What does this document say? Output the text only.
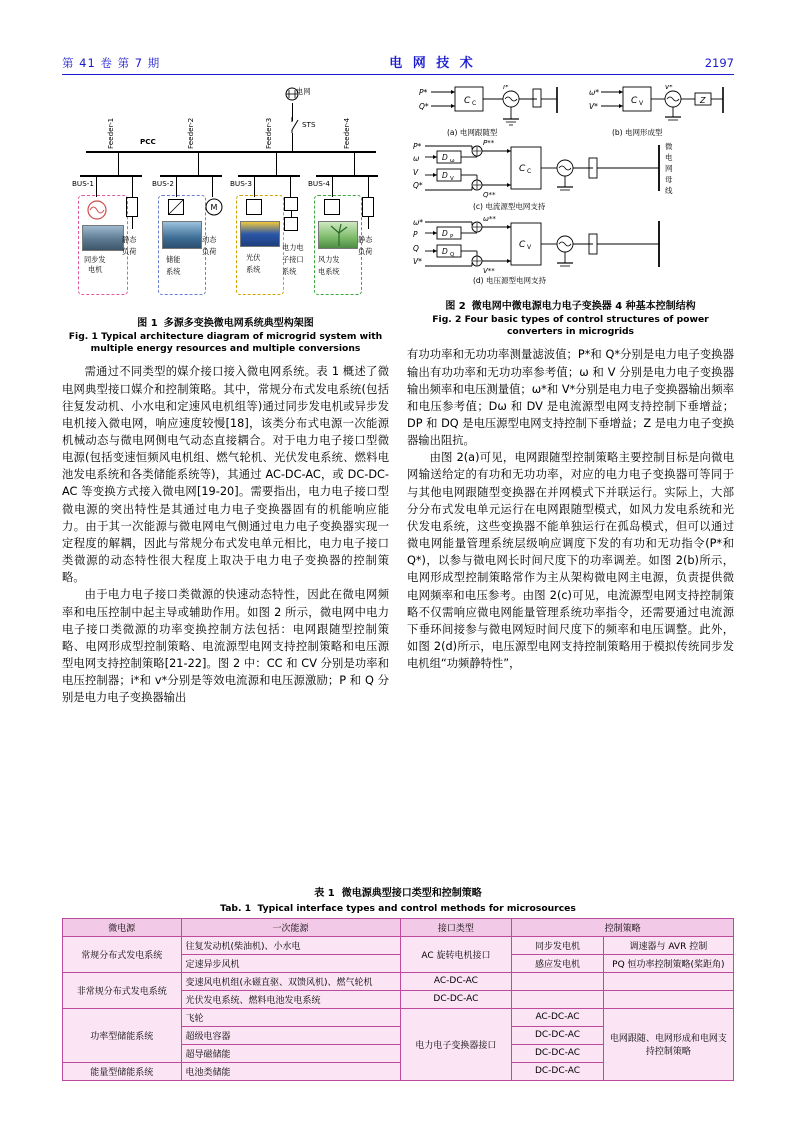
第 41 卷 第 7 期	电 网 技 术	2197
电网
STS
PCC
Feeder-1	Feeder-2	Feeder-3	Feeder-4
BUS-1	BUS-2	BUS-3	BUS-4
同步发
电机
静态
负荷
储能
系统
M
动态
负荷
光伏
系统
电力电
子接口
系统
风力发
电系统
静态
负荷
图 1 多源多变换微电网系统典型构架图
Fig. 1 Typical architecture diagram of microgrid system with multiple energy resources and multiple conversions

需通过不同类型的媒介接口接入微电网系统。表 1 概述了微电网典型接口媒介和控制策略。其中，常规分布式发电系统(包括往复发动机、小水电和定速风电机组等)通过同步发电机或异步发电机接入微电网，响应速度较慢[18]，该类分布式电源一次能源机械动态与微电网侧电气动态直接耦合。对于电力电子接口型微电源(包括变速恒频风电机组、燃气轮机、光伏发电系统、燃料电池发电系统和各类储能系统等)，其通过 AC-DC-AC，或 DC-DC-AC 等变换方式接入微电网[19-20]。需要指出，电力电子接口型微电源的突出特性是其通过电力电子变换器固有的机能响应能力。由于其一次能源与微电网电气侧通过电力电子变换器实现一定程度的解耦，因此与常规分布式发电单元相比，电力电子接口类微源的动态特性很大程度上取决于电力电子变换器的控制策略。

由于电力电子接口类微源的快速动态特性，因此在微电网频率和电压控制中起主导或辅助作用。如图 2 所示，微电网中电力电子接口类微源的功率变换控制方法包括：电网跟随型控制策略、电网形成型控制策略、电流源型电网支持控制策略和电压源型电网支持控制策略[21-22]。图 2 中：CC 和 CV 分别是功率和电压控制器；i*和 v*分别是等效电流源和电压源激励；P 和 Q 分别是电力电子变换器输出

P*
Q*
C C
i*
(a) 电网跟随型
ω*
V*
C V
v*
Z
(b) 电网形成型
P*
ω
V
Q*
D ω
D V
P**
Q**
C C
微
电
网
母
线
(c) 电流源型电网支持
ω*
P
Q
V*
D P
D Q
ω**
V**
C V
(d) 电压源型电网支持
图 2 微电网中微电源电力电子变换器 4 种基本控制结构
Fig. 2 Four basic types of control structures of power converters in microgrids

有功功率和无功功率测量滤波值；P*和 Q*分别是电力电子变换器输出有功功率和无功功率参考值；ω 和 V 分别是电力电子变换器输出频率和电压测量值；ω*和 V*分别是电力电子变换器输出频率和电压参考值；Dω 和 DV 是电流源型电网支持控制下垂增益；DP 和 DQ 是电压源型电网支持控制下垂增益；Z 是电力电子变换器输出阻抗。

由图 2(a)可见，电网跟随型控制策略主要控制目标是向微电网输送给定的有功和无功功率，对应的电力电子变换器可等同于与其他电网跟随型变换器在并网模式下并联运行。实际上，大部分分布式发电单元运行在电网跟随型模式，如风力发电系统和光伏发电系统，这些变换器不能单独运行在孤岛模式，但可以通过微电网能量管理系统层级响应调度下发的有功和无功指令(P*和 Q*)，以参与微电网长时间尺度下的功率调差。如图 2(b)所示，电网形成型控制策略常作为主从架构微电网主电源，负责提供微电网频率和电压参考。由图 2(c)可见，电流源型电网支持控制策略不仅需响应微电网能量管理系统功率指令，还需要通过电流源下垂环间接参与微电网短时间尺度下的频率和电压调整。此外，如图 2(d)所示，电压源型电网支持控制策略用于模拟传统同步发电机组“功频静特性”，

表 1 微电源典型接口类型和控制策略
Tab. 1 Typical interface types and control methods for microsources
微电源	一次能源	接口类型	控制策略	
常规分布式发电系统	往复发动机(柴油机)、小水电	AC 旋转电机接口	同步发电机	调速器与 AVR 控制
	定速异步风机		感应发电机	PQ 恒功率控制策略(桨距角)
非常规分布式发电系统	变速风电机组(永磁直驱、双馈风机)、燃气轮机	AC-DC-AC		
	光伏发电系统、燃料电池发电系统	DC-DC-AC		
功率型储能系统	飞轮	电力电子变换器接口	AC-DC-AC	电网跟随、电网形成和电网支持控制策略
	超级电容器		DC-DC-AC	
	超导磁储能		DC-DC-AC	
能量型储能系统	电池类储能		DC-DC-AC	
